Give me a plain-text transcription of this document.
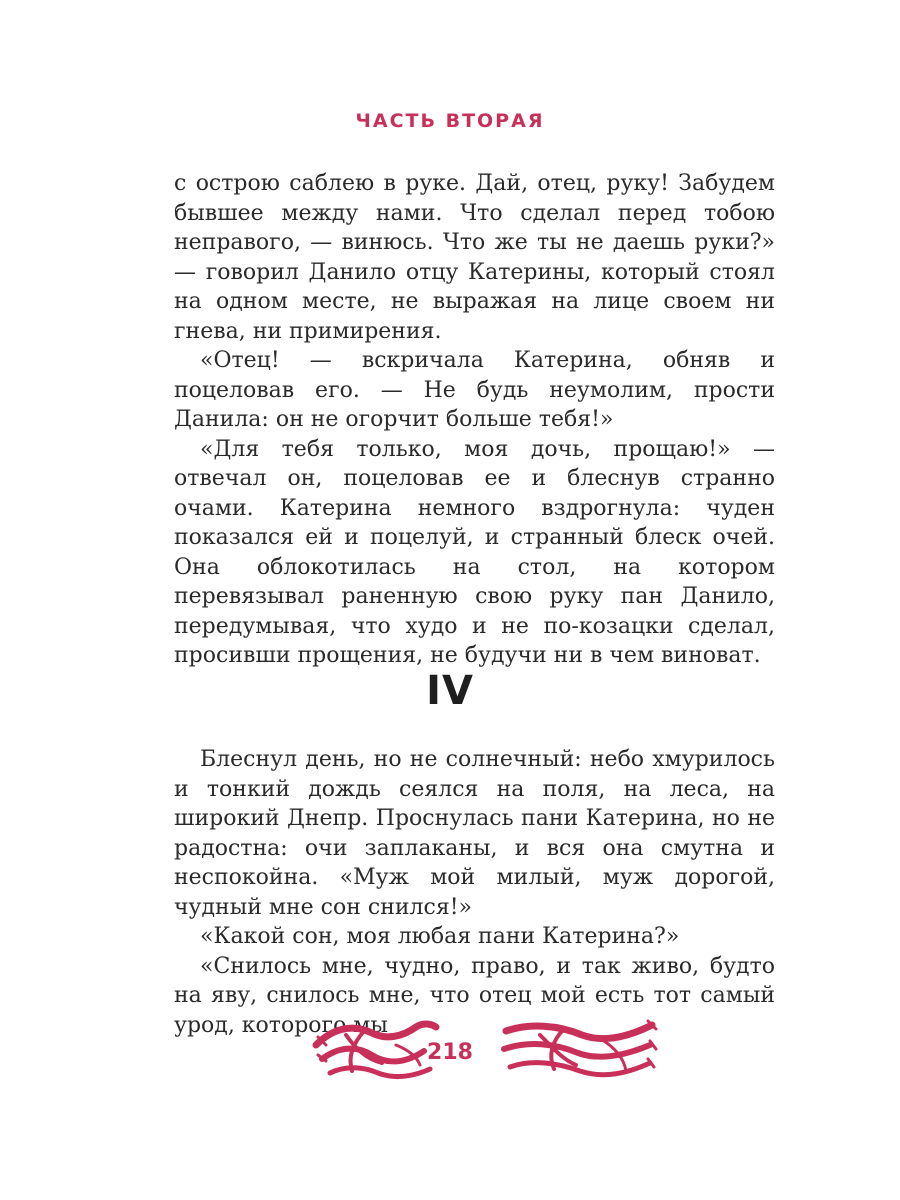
ЧАСТЬ ВТОРАЯ

с острою саблею в руке. Дай, отец, руку! Забудем бывшее между нами. Что сделал перед тобою неправого, — винюсь. Что же ты не даешь руки?» — говорил Данило отцу Катерины, который стоял на одном месте, не выражая на лице своем ни гнева, ни примирения.

«Отец! — вскричала Катерина, обняв и поцеловав его. — Не будь неумолим, прости Данила: он не огорчит больше тебя!»

«Для тебя только, моя дочь, прощаю!» — отвечал он, поцеловав ее и блеснув странно очами. Катерина немного вздрогнула: чуден показался ей и поцелуй, и странный блеск очей. Она облокотилась на стол, на котором перевязывал раненную свою руку пан Данило, передумывая, что худо и не по-козацки сделал, просивши прощения, не будучи ни в чем виноват.

IV

Блеснул день, но не солнечный: небо хмурилось и тонкий дождь сеялся на поля, на леса, на широкий Днепр. Проснулась пани Катерина, но не радостна: очи заплаканы, и вся она смутна и неспокойна. «Муж мой милый, муж дорогой, чудный мне сон снился!»

«Какой сон, моя любая пани Катерина?»

«Снилось мне, чудно, право, и так живо, будто на яву, снилось мне, что отец мой есть тот самый урод, которого мы

218
